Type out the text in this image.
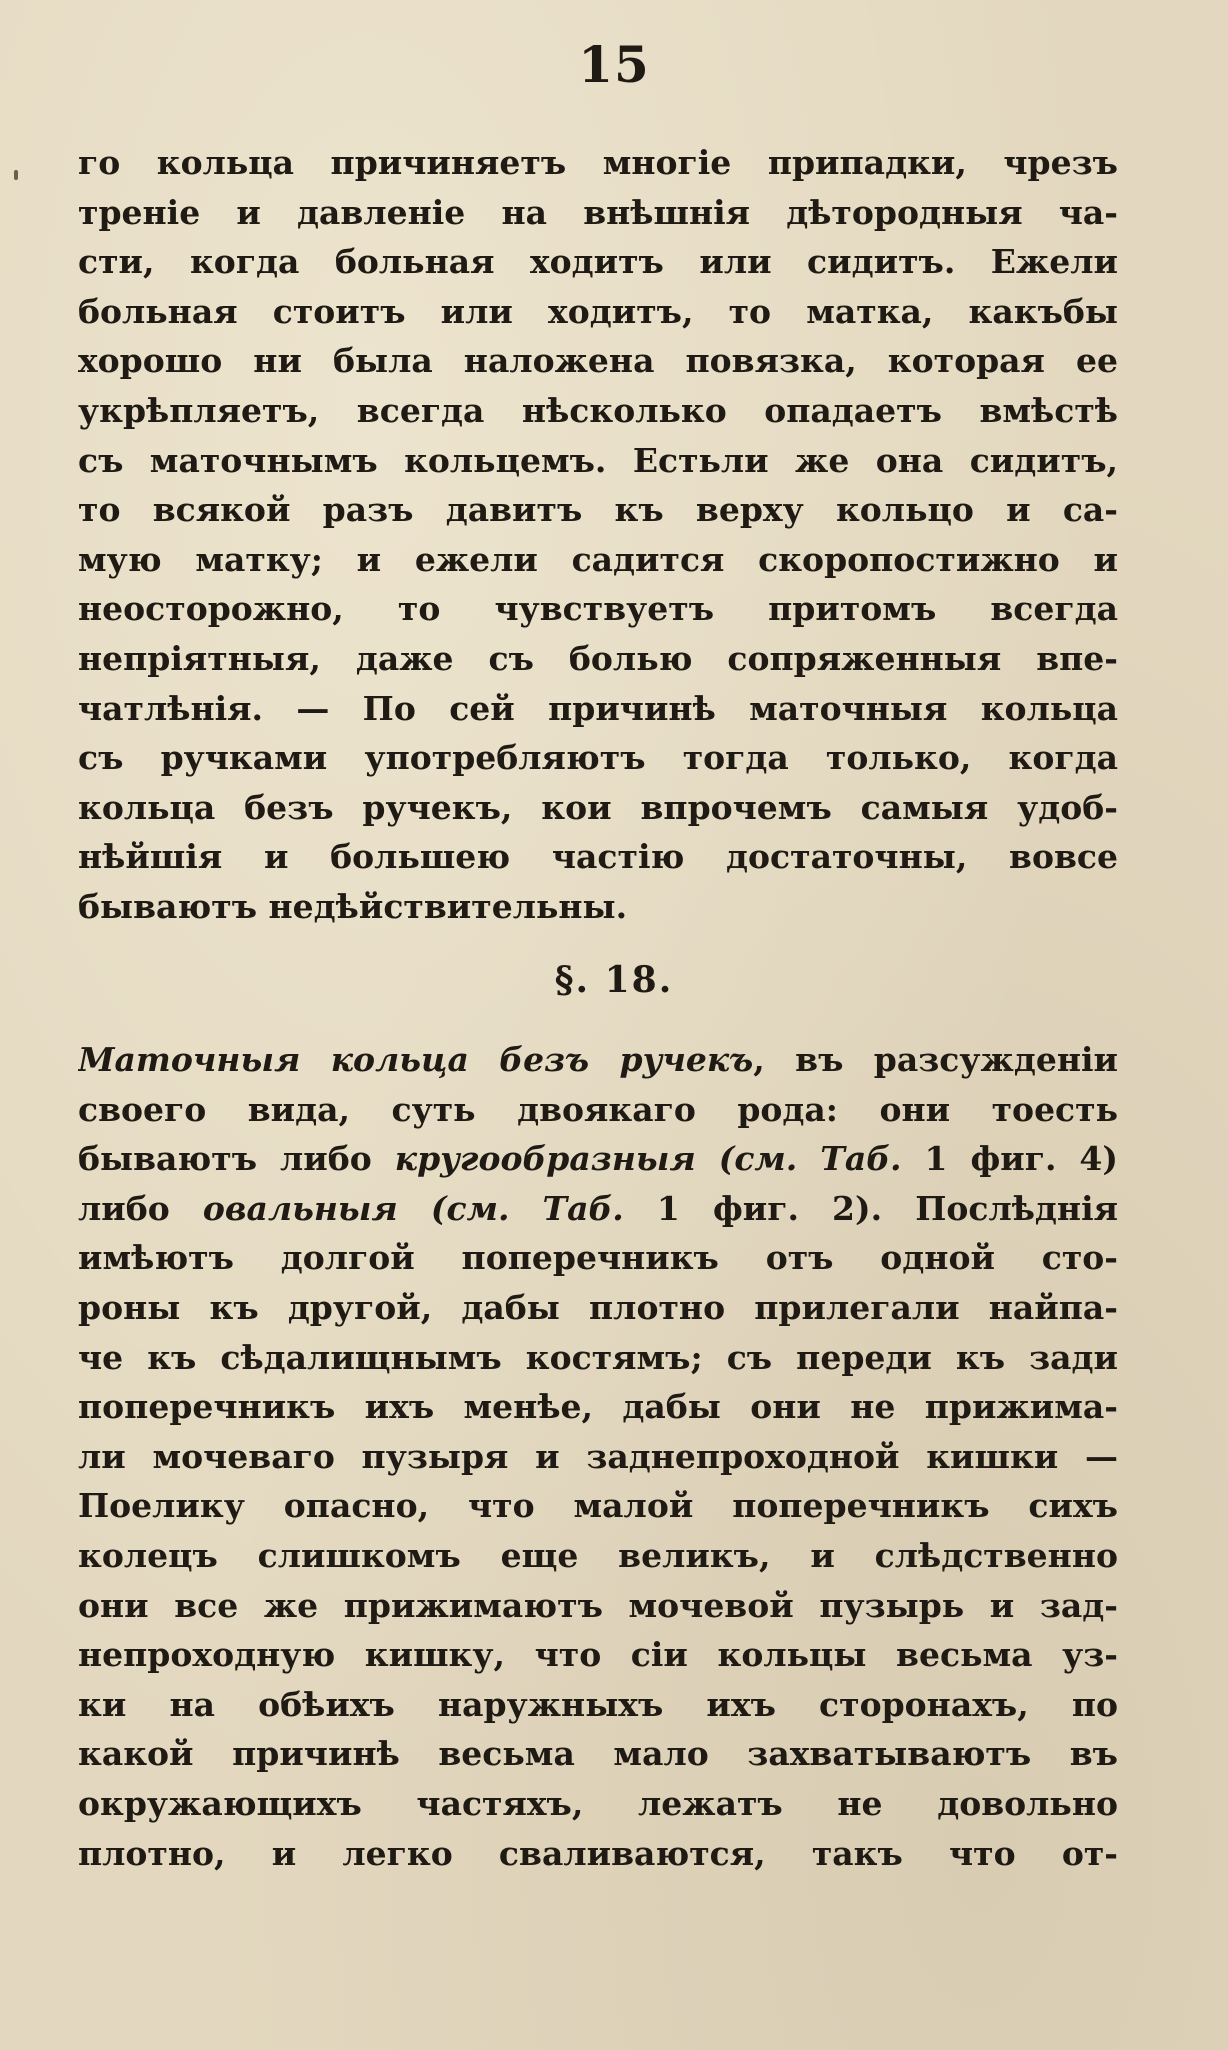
15
го кольца причиняетъ многie припадки, чрезъ
тренie и давленie на внѣшнiя дѣтородныя ча-
сти, когда больная ходитъ или сидитъ. Ежели
больная стоитъ или ходитъ, то матка, какъбы
хорошо ни была наложена повязка, которая ее
укрѣпляетъ, всегда нѣсколько опадаетъ вмѣстѣ
съ маточнымъ кольцемъ. Естьли же она сидитъ,
то всякой разъ давитъ къ верху кольцо и са-
мую матку; и ежели садится скоропостижно и
неосторожно, то чувствуетъ притомъ всегда
непрiятныя, даже съ болью сопряженныя впе-
чатлѣнiя. — По сей причинѣ маточныя кольца
съ ручками употребляютъ тогда только, когда
кольца безъ ручекъ, кои впрочемъ самыя удоб-
нѣйшiя и большею частiю достаточны, вовсе
бываютъ недѣйствительны.
§. 18.
Маточныя кольца безъ ручекъ, въ разсужденiи
своего вида, суть двоякаго рода: они тоесть
бываютъ либо кругообразныя (см. Таб. 1 фиг. 4)
либо овальныя (см. Таб. 1 фиг. 2). Послѣднiя
имѣютъ долгой поперечникъ отъ одной сто-
роны къ другой, дабы плотно прилегали найпа-
че къ сѣдалищнымъ костямъ; съ переди къ зади
поперечникъ ихъ менѣе, дабы они не прижима-
ли мочеваго пузыря и заднепроходной кишки —
Поелику опасно, что малой поперечникъ сихъ
колецъ слишкомъ еще великъ, и слѣдственно
они все же прижимаютъ мочевой пузырь и зад-
непроходную кишку, что сiи кольцы весьма уз-
ки на обѣихъ наружныхъ ихъ сторонахъ, по
какой причинѣ весьма мало захватываютъ въ
окружающихъ частяхъ, лежатъ не довольно
плотно, и легко сваливаются, такъ что от-
